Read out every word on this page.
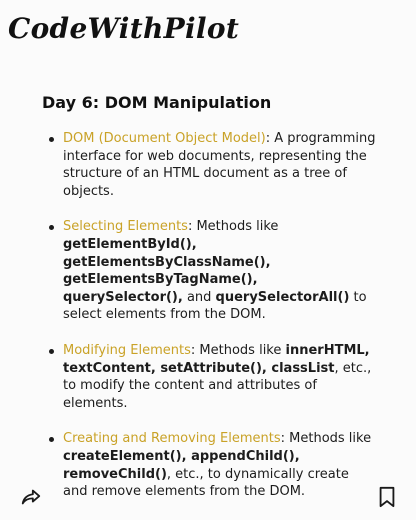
CodeWithPilot
Day 6: DOM Manipulation
DOM (Document Object Model): A programming interface for web documents, representing the structure of an HTML document as a tree of objects.
Selecting Elements: Methods like getElementById(), getElementsByClassName(), getElementsByTagName(), querySelector(), and querySelectorAll() to select elements from the DOM.
Modifying Elements: Methods like innerHTML, textContent, setAttribute(), classList, etc., to modify the content and attributes of elements.
Creating and Removing Elements: Methods like createElement(), appendChild(), removeChild(), etc., to dynamically create and remove elements from the DOM.
